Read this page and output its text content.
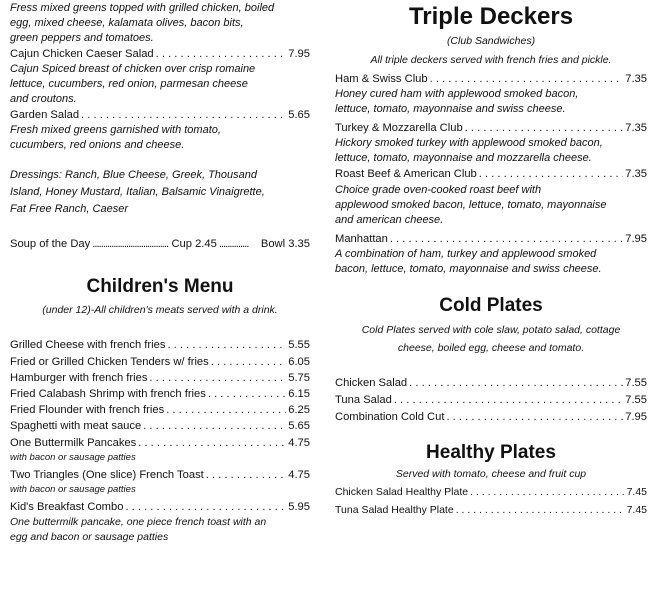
Fress mixed greens topped with grilled chicken, boiled
egg, mixed cheese, kalamata olives, bacon bits,
green peppers and tomatoes.
Cajun Chicken Caeser Salad . . .	7.95
Cajun Spiced breast of chicken over crisp romaine
lettuce, cucumbers, red onion, parmesan cheese
and croutons.
Garden Salad . . .	5.65
Fresh mixed greens garnished with tomato,
cucumbers, red onions and cheese.
Dressings: Ranch, Blue Cheese, Greek, Thousand
Island, Honey Mustard, Italian, Balsamic Vinaigrette,
Fat Free Ranch, Caeser
Soup of the Day .....	Cup 2.45 .....	Bowl 3.35
Children's Menu
(under 12)-All children's meats served with a drink.
Grilled Cheese with french fries . . .	5.55
Fried or Grilled Chicken Tenders w/ fries . . .	6.05
Hamburger with french fries . . .	5.75
Fried Calabash Shrimp with french fries . . .	6.15
Fried Flounder with french fries . . .	6.25
Spaghetti with meat sauce . . .	5.65
One Buttermilk Pancakes . . .	4.75
with bacon or sausage patties
Two Triangles (One slice) French Toast . . .	4.75
with bacon or sausage patties
Kid's Breakfast Combo . . .	5.95
One buttermilk pancake, one piece french toast with an
egg and bacon or sausage patties
Triple Deckers
(Club Sandwiches)
All triple deckers served with french fries and pickle.
Ham & Swiss Club . . .	7.35
Honey cured ham with applewood smoked bacon,
lettuce, tomato, mayonnaise and swiss cheese.
Turkey & Mozzarella Club . . .	7.35
Hickory smoked turkey with applewood smoked bacon,
lettuce, tomato, mayonnaise and mozzarella cheese.
Roast Beef & American Club . . .	7.35
Choice grade oven-cooked roast beef with
applewood smoked bacon, lettuce, tomato, mayonnaise
and american cheese.
Manhattan . . .	7.95
A combination of ham, turkey and applewood smoked
bacon, lettuce, tomato, mayonnaise and swiss cheese.
Cold Plates
Cold Plates served with cole slaw, potato salad, cottage
cheese, boiled egg, cheese and tomato.
Chicken Salad . . .	7.55
Tuna Salad . . .	7.55
Combination Cold Cut . . .	7.95
Healthy Plates
Served with tomato, cheese and fruit cup
Chicken Salad Healthy Plate . . .	7.45
Tuna Salad Healthy Plate . . .	7.45
